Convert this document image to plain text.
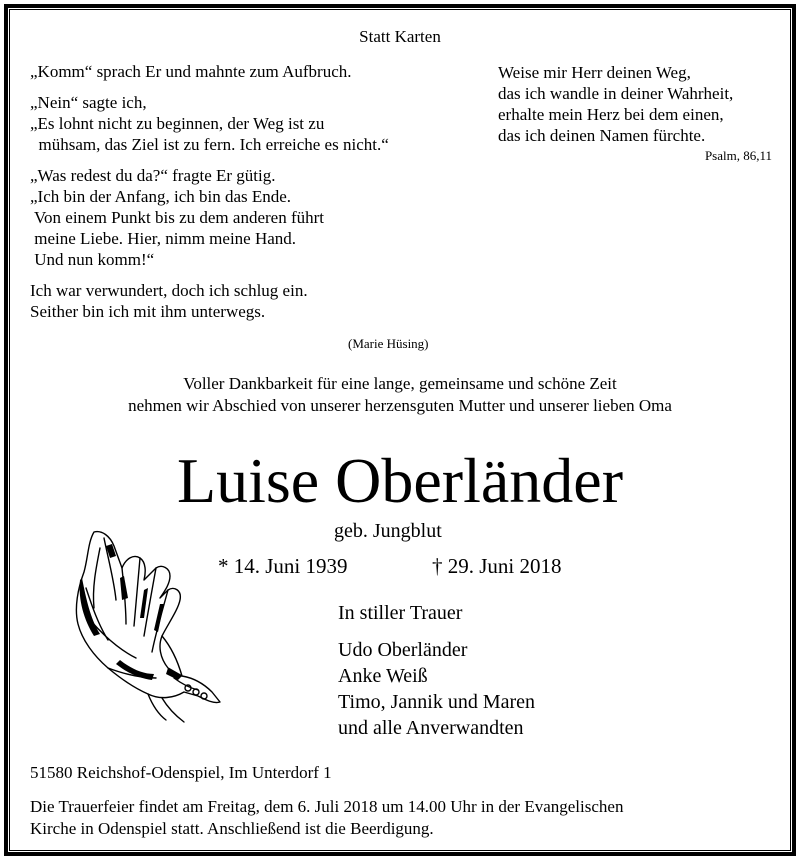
Statt Karten

„Komm“ sprach Er und mahnte zum Aufbruch.

„Nein“ sagte ich,
„Es lohnt nicht zu beginnen, der Weg ist zu
mühsam, das Ziel ist zu fern. Ich erreiche es nicht.“

„Was redest du da?“ fragte Er gütig.
„Ich bin der Anfang, ich bin das Ende.
Von einem Punkt bis zu dem anderen führt
meine Liebe. Hier, nimm meine Hand.
Und nun komm!“

Ich war verwundert, doch ich schlug ein.
Seither bin ich mit ihm unterwegs.

(Marie Hüsing)
Weise mir Herr deinen Weg,
das ich wandle in deiner Wahrheit,
erhalte mein Herz bei dem einen,
das ich deinen Namen fürchte.
Psalm, 86,11
Voller Dankbarkeit für eine lange, gemeinsame und schöne Zeit
nehmen wir Abschied von unserer herzensguten Mutter und unserer lieben Oma
Luise Oberländer
geb. Jungblut
* 14. Juni 1939	† 29. Juni 2018
In stiller Trauer
Udo Oberländer
Anke Weiß
Timo, Jannik und Maren
und alle Anverwandten
51580 Reichshof-Odenspiel, Im Unterdorf 1
Die Trauerfeier findet am Freitag, dem 6. Juli 2018 um 14.00 Uhr in der Evangelischen
Kirche in Odenspiel statt. Anschließend ist die Beerdigung.
